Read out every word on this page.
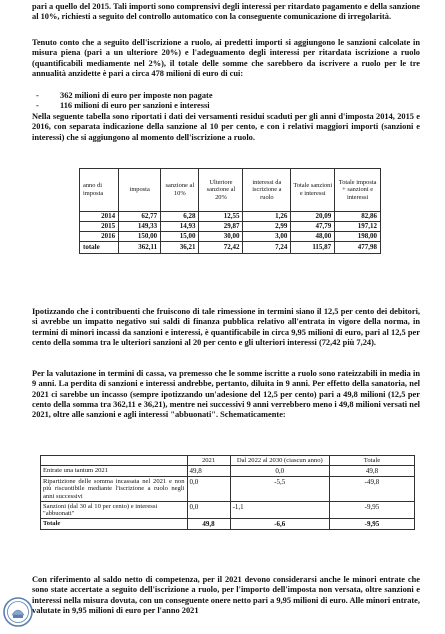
pari a quello del 2015. Tali importi sono comprensivi degli interessi per ritardato pagamento e della sanzione al 10%, richiesti a seguito del controllo automatico con la conseguente comunicazione di irregolarità.

Tenuto conto che a seguito dell'iscrizione a ruolo, ai predetti importi si aggiungono le sanzioni calcolate in misura piena (pari a un ulteriore 20%) e l'adeguamento degli interessi per ritardata iscrizione a ruolo (quantificabili mediamente nel 2%), il totale delle somme che sarebbero da iscrivere a ruolo per le tre annualità anzidette è pari a circa 478 milioni di euro di cui:

- 362 milioni di euro per imposte non pagate
- 116 milioni di euro per sanzioni e interessi

Nella seguente tabella sono riportati i dati dei versamenti residui scaduti per gli anni d'imposta 2014, 2015 e 2016, con separata indicazione della sanzione al 10 per cento, e con i relativi maggiori importi (sanzioni e interessi) che si aggiungono al momento dell'iscrizione a ruolo.

anno di imposta	imposta	sanzione al 10%	Ulteriore sanzione al 20%	interessi da iscrizione a ruolo	Totale sanzioni e interessi	Totale imposta + sanzioni e interessi
2014	62,77	6,28	12,55	1,26	20,09	82,86
2015	149,33	14,93	29,87	2,99	47,79	197,12
2016	150,00	15,00	30,00	3,00	48,00	198,00
totale	362,11	36,21	72,42	7,24	115,87	477,98

Ipotizzando che i contribuenti che fruiscono di tale rimessione in termini siano il 12,5 per cento dei debitori, si avrebbe un impatto negativo sui saldi di finanza pubblica relativo all'entrata in vigore della norma, in termini di minori incassi da sanzioni e interessi, è quantificabile in circa 9,95 milioni di euro, pari al 12,5 per cento della somma tra le ulteriori sanzioni al 20 per cento e gli ulteriori interessi (72,42 più 7,24).

Per la valutazione in termini di cassa, va premesso che le somme iscritte a ruolo sono rateizzabili in media in 9 anni. La perdita di sanzioni e interessi andrebbe, pertanto, diluita in 9 anni. Per effetto della sanatoria, nel 2021 ci sarebbe un incasso (sempre ipotizzando un'adesione del 12,5 per cento) pari a 49,8 milioni (12,5 per cento della somma tra 362,11 e 36,21), mentre nei successivi 9 anni verrebbero meno i 49,8 milioni versati nel 2021, oltre alle sanzioni e agli interessi "abbuonati". Schematicamente:

	2021	Dal 2022 al 2030 (ciascun anno)	Totale
Entrate una tantum 2021	49,8	0,0	49,8
Ripartizione delle somma incassata nel 2021 e non più riscuotibile mediante l'iscrizione a ruolo negli anni successivi	0,0	-5,5	-49,8
Sanzioni (dal 30 al 10 per cento) e interessi "abbuonati"	0,0	-1,1	-9,95
Totale	49,8	-6,6	-9,95

Con riferimento al saldo netto di competenza, per il 2021 devono considerarsi anche le minori entrate che sono state accertate a seguito dell'iscrizione a ruolo, per l'importo dell'imposta non versata, oltre sanzioni e interessi nella misura dovuta, con un conseguente onere netto pari a 9,95 milioni di euro. Alle minori entrate, valutate in 9,95 milioni di euro per l'anno 2021
